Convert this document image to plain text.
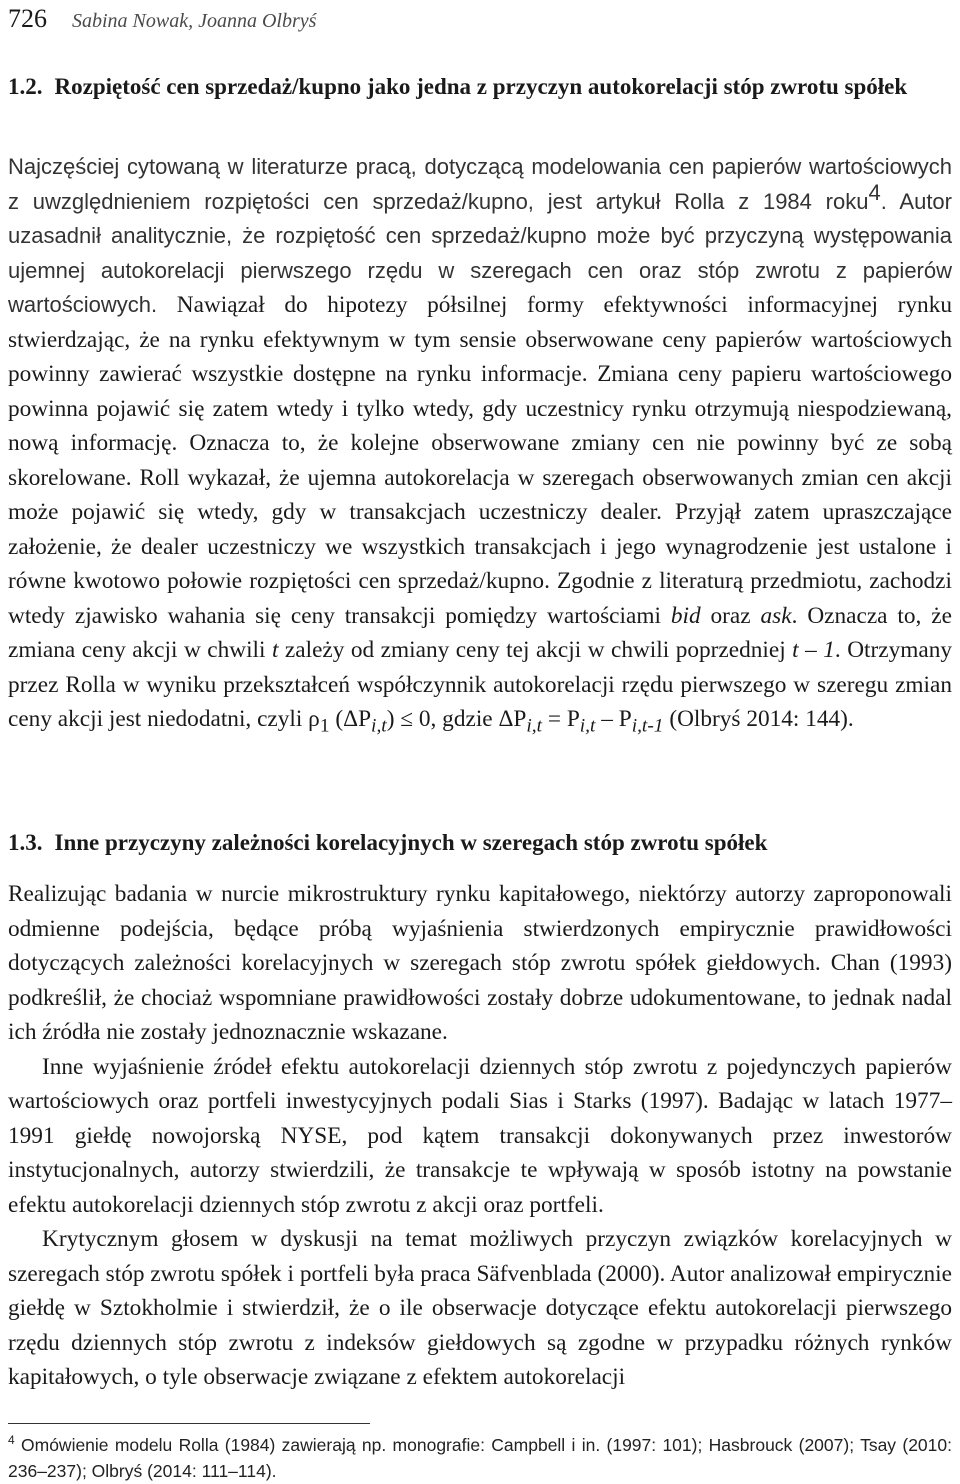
726 Sabina Nowak, Joanna Olbryś
1.2. Rozpiętość cen sprzedaż/kupno jako jedna z przyczyn autokorelacji stóp zwrotu spółek

Najczęściej cytowaną w literaturze pracą, dotyczącą modelowania cen papierów wartościowych z uwzględnieniem rozpiętości cen sprzedaż/kupno, jest artykuł Rolla z 1984 roku$^4$. Autor uzasadnił analitycznie, że rozpiętość cen sprzedaż/kupno może być przyczyną występowania ujemnej autokorelacji pierwszego rzędu w szeregach cen oraz stóp zwrotu z papierów wartościowych. Nawiązał do hipotezy półsilnej formy efektywności informacyjnej rynku stwierdzając, że na rynku efektywnym w tym sensie obserwowane ceny papierów wartościowych powinny zawierać wszystkie dostępne na rynku informacje. Zmiana ceny papieru wartościowego powinna pojawić się zatem wtedy i tylko wtedy, gdy uczestnicy rynku otrzymują niespodziewaną, nową informację. Oznacza to, że kolejne obserwowane zmiany cen nie powinny być ze sobą skorelowane. Roll wykazał, że ujemna autokorelacja w szeregach obserwowanych zmian cen akcji może pojawić się wtedy, gdy w transakcjach uczestniczy dealer. Przyjął zatem upraszczające założenie, że dealer uczestniczy we wszystkich transakcjach i jego wynagrodzenie jest ustalone i równe kwotowo połowie rozpiętości cen sprzedaż/kupno. Zgodnie z literaturą przedmiotu, zachodzi wtedy zjawisko wahania się ceny transakcji pomiędzy wartościami bid oraz ask. Oznacza to, że zmiana ceny akcji w chwili t zależy od zmiany ceny tej akcji w chwili poprzedniej t – 1. Otrzymany przez Rolla w wyniku przekształceń współczynnik autokorelacji rzędu pierwszego w szeregu zmian ceny akcji jest niedodatni, czyli $\rho_1$ $(\Delta P_{i,t}) \le 0$, gdzie $\Delta P_{i,t} = P_{i,t} - P_{i,t-1}$ (Olbryś 2014: 144).

1.3. Inne przyczyny zależności korelacyjnych w szeregach stóp zwrotu spółek

Realizując badania w nurcie mikrostruktury rynku kapitałowego, niektórzy autorzy zaproponowali odmienne podejścia, będące próbą wyjaśnienia stwierdzonych empirycznie prawidłowości dotyczących zależności korelacyjnych w szeregach stóp zwrotu spółek giełdowych. Chan (1993) podkreślił, że chociaż wspomniane prawidłowości zostały dobrze udokumentowane, to jednak nadal ich źródła nie zostały jednoznacznie wskazane.

Inne wyjaśnienie źródeł efektu autokorelacji dziennych stóp zwrotu z pojedynczych papierów wartościowych oraz portfeli inwestycyjnych podali Sias i Starks (1997). Badając w latach 1977–1991 giełdę nowojorską NYSE, pod kątem transakcji dokonywanych przez inwestorów instytucjonalnych, autorzy stwierdzili, że transakcje te wpływają w sposób istotny na powstanie efektu autokorelacji dziennych stóp zwrotu z akcji oraz portfeli.

Krytycznym głosem w dyskusji na temat możliwych przyczyn związków korelacyjnych w szeregach stóp zwrotu spółek i portfeli była praca Säfvenblada (2000). Autor analizował empirycznie giełdę w Sztokholmie i stwierdził, że o ile obserwacje dotyczące efektu autokorelacji pierwszego rzędu dziennych stóp zwrotu z indeksów giełdowych są zgodne w przypadku różnych rynków kapitałowych, o tyle obserwacje związane z efektem autokorelacji

$^4$ Omówienie modelu Rolla (1984) zawierają np. monografie: Campbell i in. (1997: 101); Hasbrouck (2007); Tsay (2010: 236–237); Olbryś (2014: 111–114).
